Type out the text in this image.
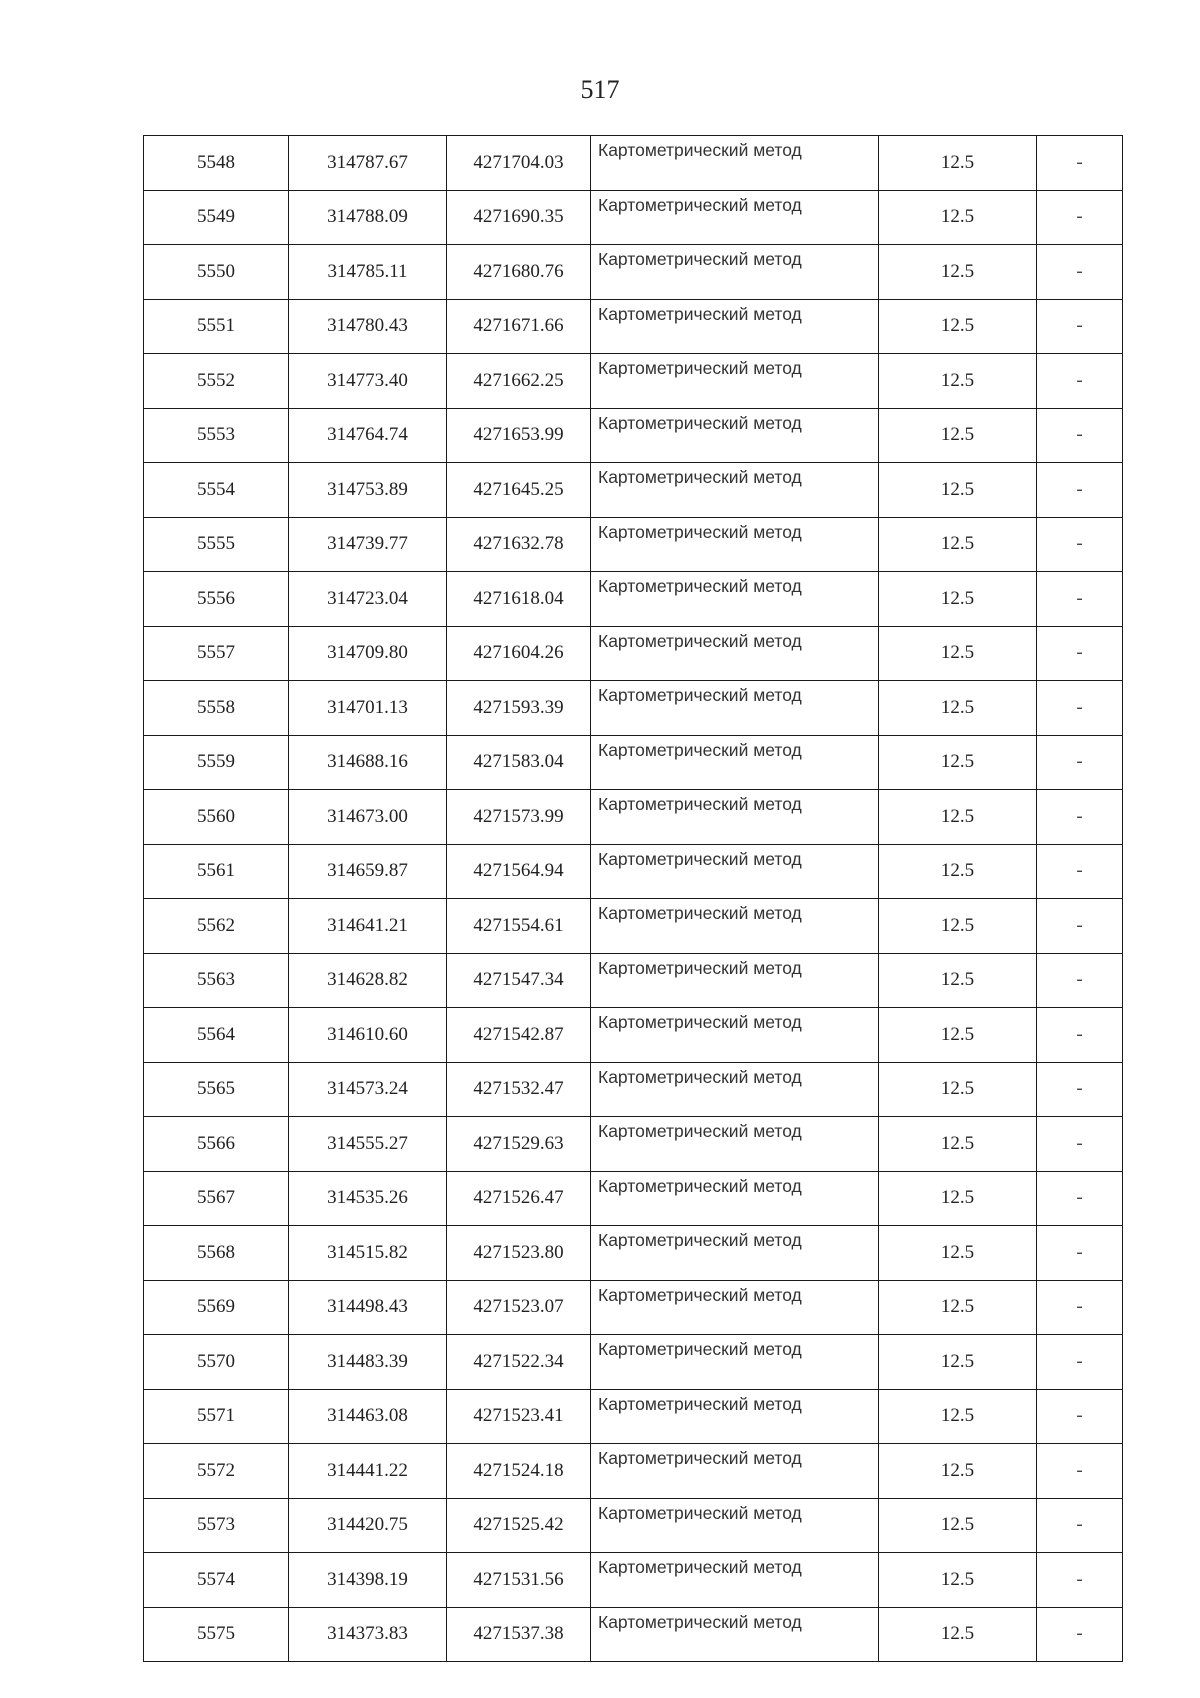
517
5548	314787.67	4271704.03	Картометрический метод	12.5	-
5549	314788.09	4271690.35	Картометрический метод	12.5	-
5550	314785.11	4271680.76	Картометрический метод	12.5	-
5551	314780.43	4271671.66	Картометрический метод	12.5	-
5552	314773.40	4271662.25	Картометрический метод	12.5	-
5553	314764.74	4271653.99	Картометрический метод	12.5	-
5554	314753.89	4271645.25	Картометрический метод	12.5	-
5555	314739.77	4271632.78	Картометрический метод	12.5	-
5556	314723.04	4271618.04	Картометрический метод	12.5	-
5557	314709.80	4271604.26	Картометрический метод	12.5	-
5558	314701.13	4271593.39	Картометрический метод	12.5	-
5559	314688.16	4271583.04	Картометрический метод	12.5	-
5560	314673.00	4271573.99	Картометрический метод	12.5	-
5561	314659.87	4271564.94	Картометрический метод	12.5	-
5562	314641.21	4271554.61	Картометрический метод	12.5	-
5563	314628.82	4271547.34	Картометрический метод	12.5	-
5564	314610.60	4271542.87	Картометрический метод	12.5	-
5565	314573.24	4271532.47	Картометрический метод	12.5	-
5566	314555.27	4271529.63	Картометрический метод	12.5	-
5567	314535.26	4271526.47	Картометрический метод	12.5	-
5568	314515.82	4271523.80	Картометрический метод	12.5	-
5569	314498.43	4271523.07	Картометрический метод	12.5	-
5570	314483.39	4271522.34	Картометрический метод	12.5	-
5571	314463.08	4271523.41	Картометрический метод	12.5	-
5572	314441.22	4271524.18	Картометрический метод	12.5	-
5573	314420.75	4271525.42	Картометрический метод	12.5	-
5574	314398.19	4271531.56	Картометрический метод	12.5	-
5575	314373.83	4271537.38	Картометрический метод	12.5	-
